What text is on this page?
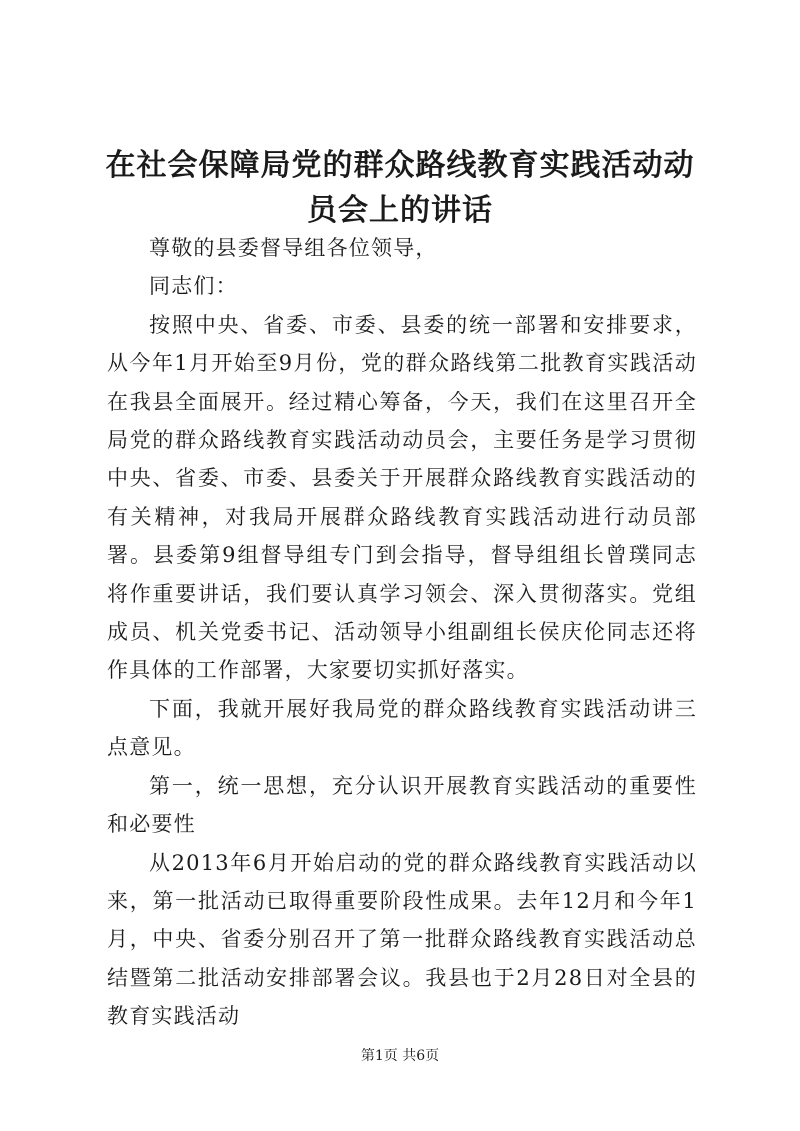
在社会保障局党的群众路线教育实践活动动员会上的讲话

尊敬的县委督导组各位领导，

同志们：

按照中央、省委、市委、县委的统一部署和安排要求，从今年1月开始至9月份，党的群众路线第二批教育实践活动在我县全面展开。经过精心筹备，今天，我们在这里召开全局党的群众路线教育实践活动动员会，主要任务是学习贯彻中央、省委、市委、县委关于开展群众路线教育实践活动的有关精神，对我局开展群众路线教育实践活动进行动员部署。县委第9组督导组专门到会指导，督导组组长曾璞同志将作重要讲话，我们要认真学习领会、深入贯彻落实。党组成员、机关党委书记、活动领导小组副组长侯庆伦同志还将作具体的工作部署，大家要切实抓好落实。

下面，我就开展好我局党的群众路线教育实践活动讲三点意见。

第一，统一思想，充分认识开展教育实践活动的重要性和必要性

从2013年6月开始启动的党的群众路线教育实践活动以来，第一批活动已取得重要阶段性成果。去年12月和今年1月，中央、省委分别召开了第一批群众路线教育实践活动总结暨第二批活动安排部署会议。我县也于2月28日对全县的教育实践活动

第1页 共6页
